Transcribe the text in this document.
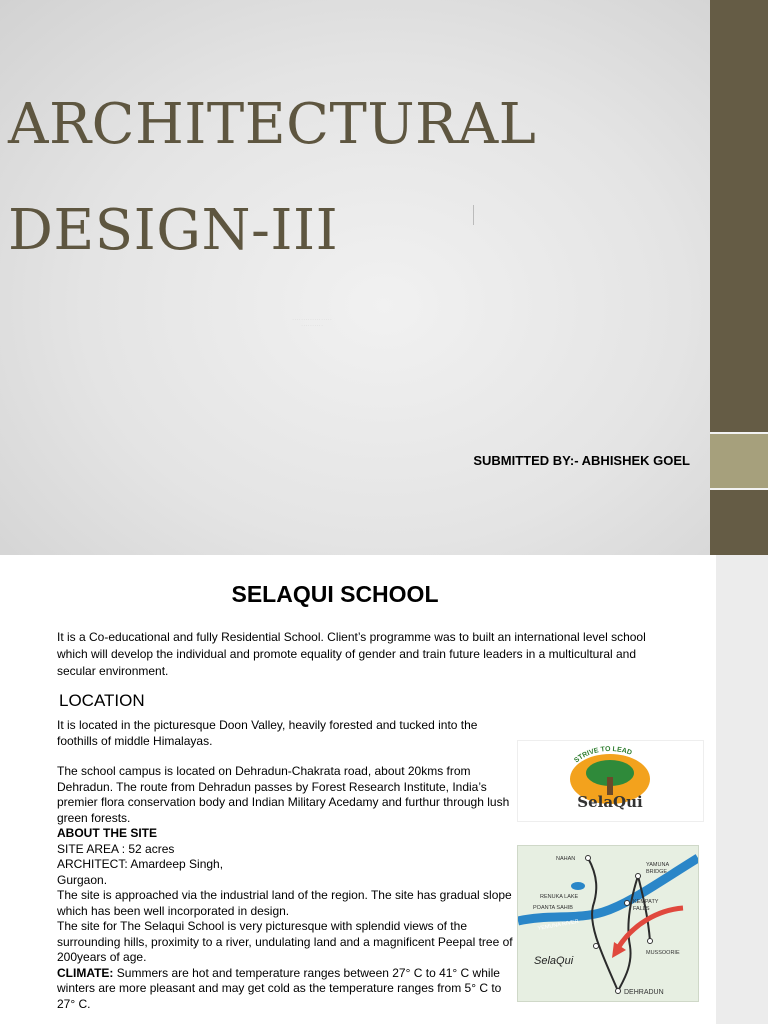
ARCHITECTURAL
DESIGN-III
. . . . . . . . . . . . . . . . . .
. . . . . . . . . .
SUBMITTED BY:- ABHISHEK GOEL
SELAQUI SCHOOL

It is a Co-educational and fully Residential School. Client’s programme was to built an international level school which will develop the individual and promote equality of gender and train future leaders in a multicultural and secular environment.

LOCATION

It is located in the picturesque Doon Valley, heavily forested and tucked into the foothills of middle Himalayas.

The school campus is located on Dehradun-Chakrata road, about 20kms from Dehradun. The route from Dehradun passes by Forest Research Institute, India’s premier flora conservation body and Indian Military Acedamy and furthur through lush green forests.

ABOUT THE SITE

SITE AREA : 52 acres

ARCHITECT: Amardeep Singh,

Gurgaon.

The site is approached via the industrial land of the region. The site has gradual slope which has been well incorporated in design.

The site for The Selaqui School is very picturesque with splendid views of the surrounding hills, proximity to a river, undulating land and a magnificent Peepal tree of 200years of age.

CLIMATE: Summers are hot and temperature ranges between 27° C to 41° C while winters are more pleasant and may get cold as the temperature ranges from 5° C to 27° C.

STRIVE TO LEAD
SelaQui
NAHAN
RENUKA LAKE
POANTA SAHIB
YAMUNA
BRIDGE
KEMPATY
FALLS
MUSSOORIE
YEMUNA RIVER
DEHRADUN
SelaQui
